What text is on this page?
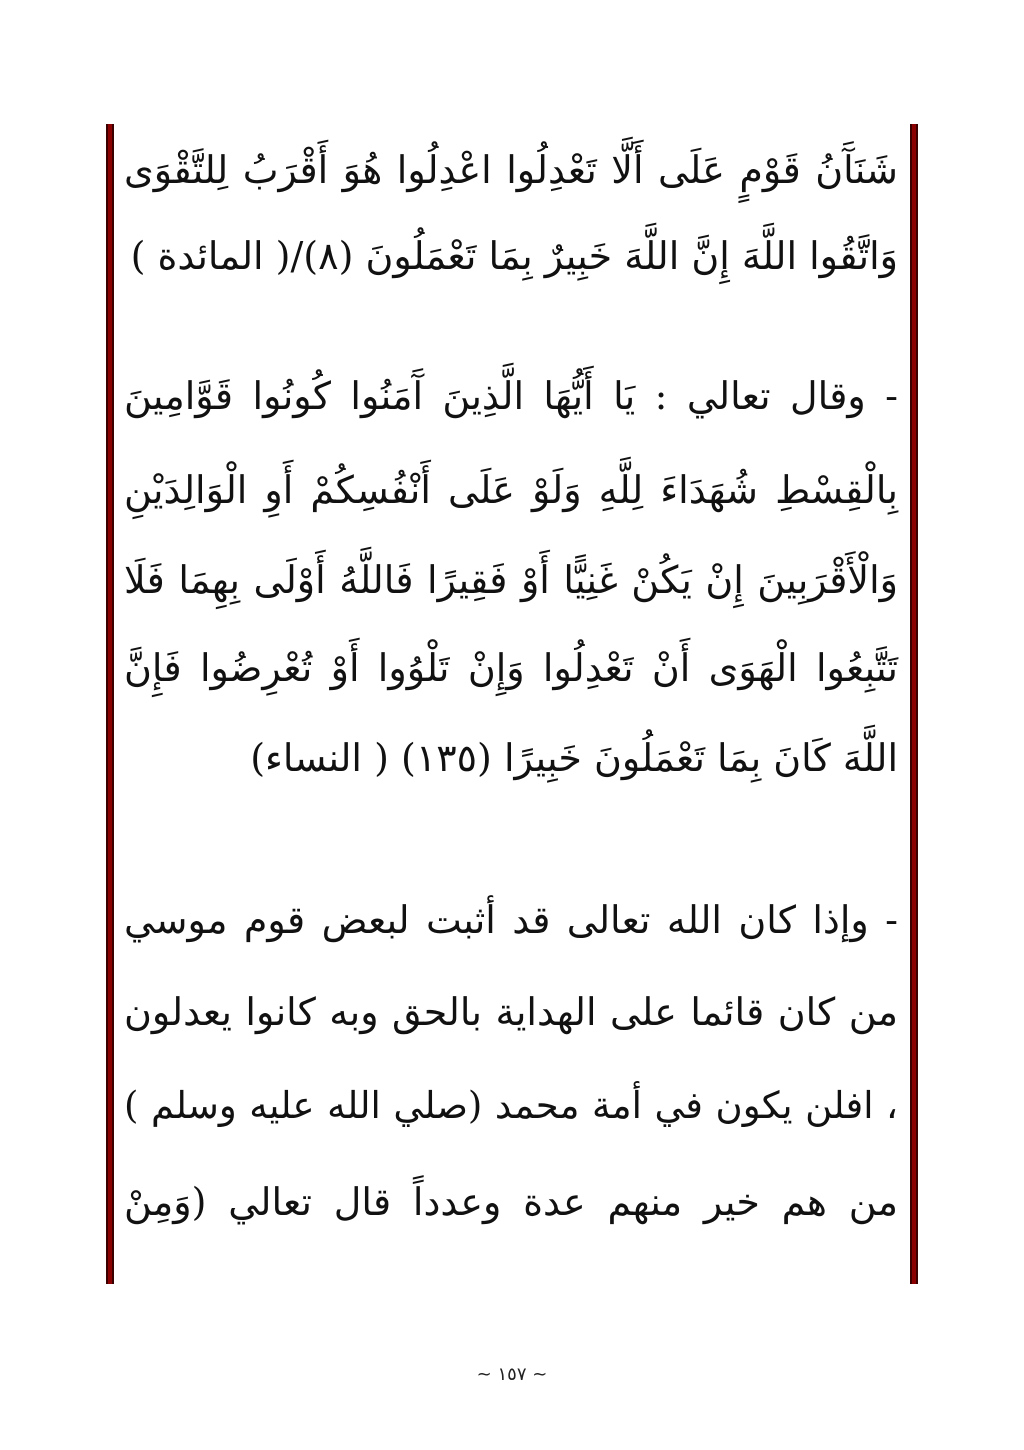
شَنَآَنُ قَوْمٍ عَلَى أَلَّا تَعْدِلُوا اعْدِلُوا هُوَ أَقْرَبُ لِلتَّقْوَى
وَاتَّقُوا اللَّهَ إِنَّ اللَّهَ خَبِيرٌ بِمَا تَعْمَلُونَ (٨)/( المائدة )
- وقال تعالي : يَا أَيُّهَا الَّذِينَ آَمَنُوا كُونُوا قَوَّامِينَ
بِالْقِسْطِ شُهَدَاءَ لِلَّهِ وَلَوْ عَلَى أَنْفُسِكُمْ أَوِ الْوَالِدَيْنِ
وَالْأَقْرَبِينَ إِنْ يَكُنْ غَنِيًّا أَوْ فَقِيرًا فَاللَّهُ أَوْلَى بِهِمَا فَلَا
تَتَّبِعُوا الْهَوَى أَنْ تَعْدِلُوا وَإِنْ تَلْوُوا أَوْ تُعْرِضُوا فَإِنَّ
اللَّهَ كَانَ بِمَا تَعْمَلُونَ خَبِيرًا (١٣٥) ( النساء)
- وإذا كان الله تعالى قد أثبت لبعض قوم موسي
من كان قائما على الهداية بالحق وبه كانوا يعدلون
، افلن يكون في أمة محمد (صلي الله عليه وسلم )
من هم خير منهم عدة وعدداً قال تعالي (وَمِنْ
~ ١٥٧ ~
